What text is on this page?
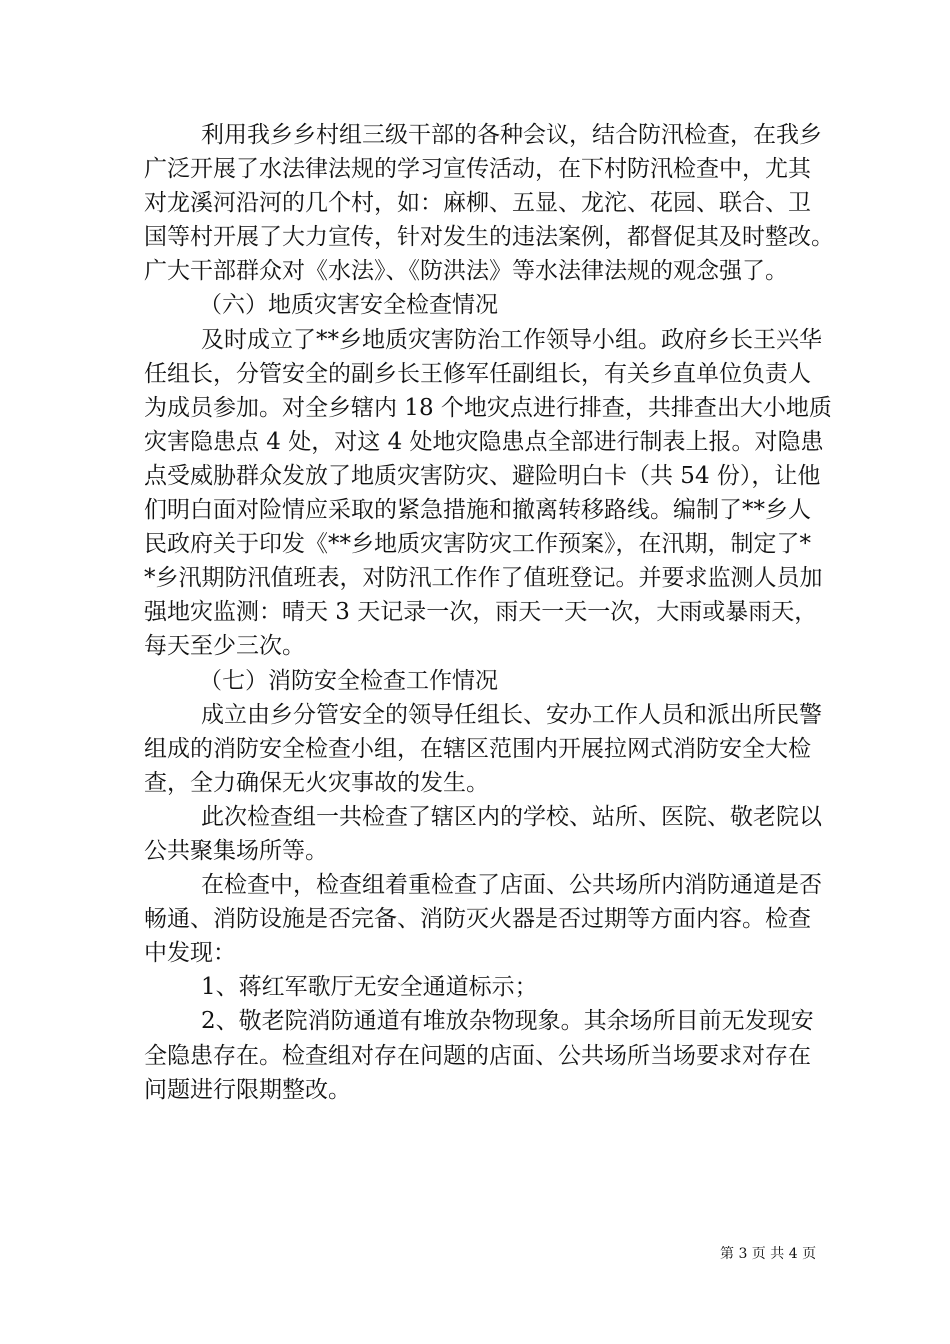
利用我乡乡村组三级干部的各种会议，结合防汛检查，在我乡
广泛开展了水法律法规的学习宣传活动，在下村防汛检查中，尤其
对龙溪河沿河的几个村，如：麻柳、五显、龙沱、花园、联合、卫
国等村开展了大力宣传，针对发生的违法案例，都督促其及时整改。
广大干部群众对《水法》、《防洪法》等水法律法规的观念强了。
（六）地质灾害安全检查情况
及时成立了**乡地质灾害防治工作领导小组。政府乡长王兴华
任组长，分管安全的副乡长王修军任副组长，有关乡直单位负责人
为成员参加。对全乡辖内 18 个地灾点进行排查，共排查出大小地质
灾害隐患点 4 处，对这 4 处地灾隐患点全部进行制表上报。对隐患
点受威胁群众发放了地质灾害防灾、避险明白卡（共 54 份），让他
们明白面对险情应采取的紧急措施和撤离转移路线。编制了**乡人
民政府关于印发《**乡地质灾害防灾工作预案》，在汛期，制定了*
*乡汛期防汛值班表，对防汛工作作了值班登记。并要求监测人员加
强地灾监测：晴天 3 天记录一次，雨天一天一次，大雨或暴雨天，
每天至少三次。
（七）消防安全检查工作情况
成立由乡分管安全的领导任组长、安办工作人员和派出所民警
组成的消防安全检查小组，在辖区范围内开展拉网式消防安全大检
查，全力确保无火灾事故的发生。
此次检查组一共检查了辖区内的学校、站所、医院、敬老院以
公共聚集场所等。
在检查中，检查组着重检查了店面、公共场所内消防通道是否
畅通、消防设施是否完备、消防灭火器是否过期等方面内容。检查
中发现：
1、蒋红军歌厅无安全通道标示；
2、敬老院消防通道有堆放杂物现象。其余场所目前无发现安
全隐患存在。检查组对存在问题的店面、公共场所当场要求对存在
问题进行限期整改。
第 3 页 共 4 页
